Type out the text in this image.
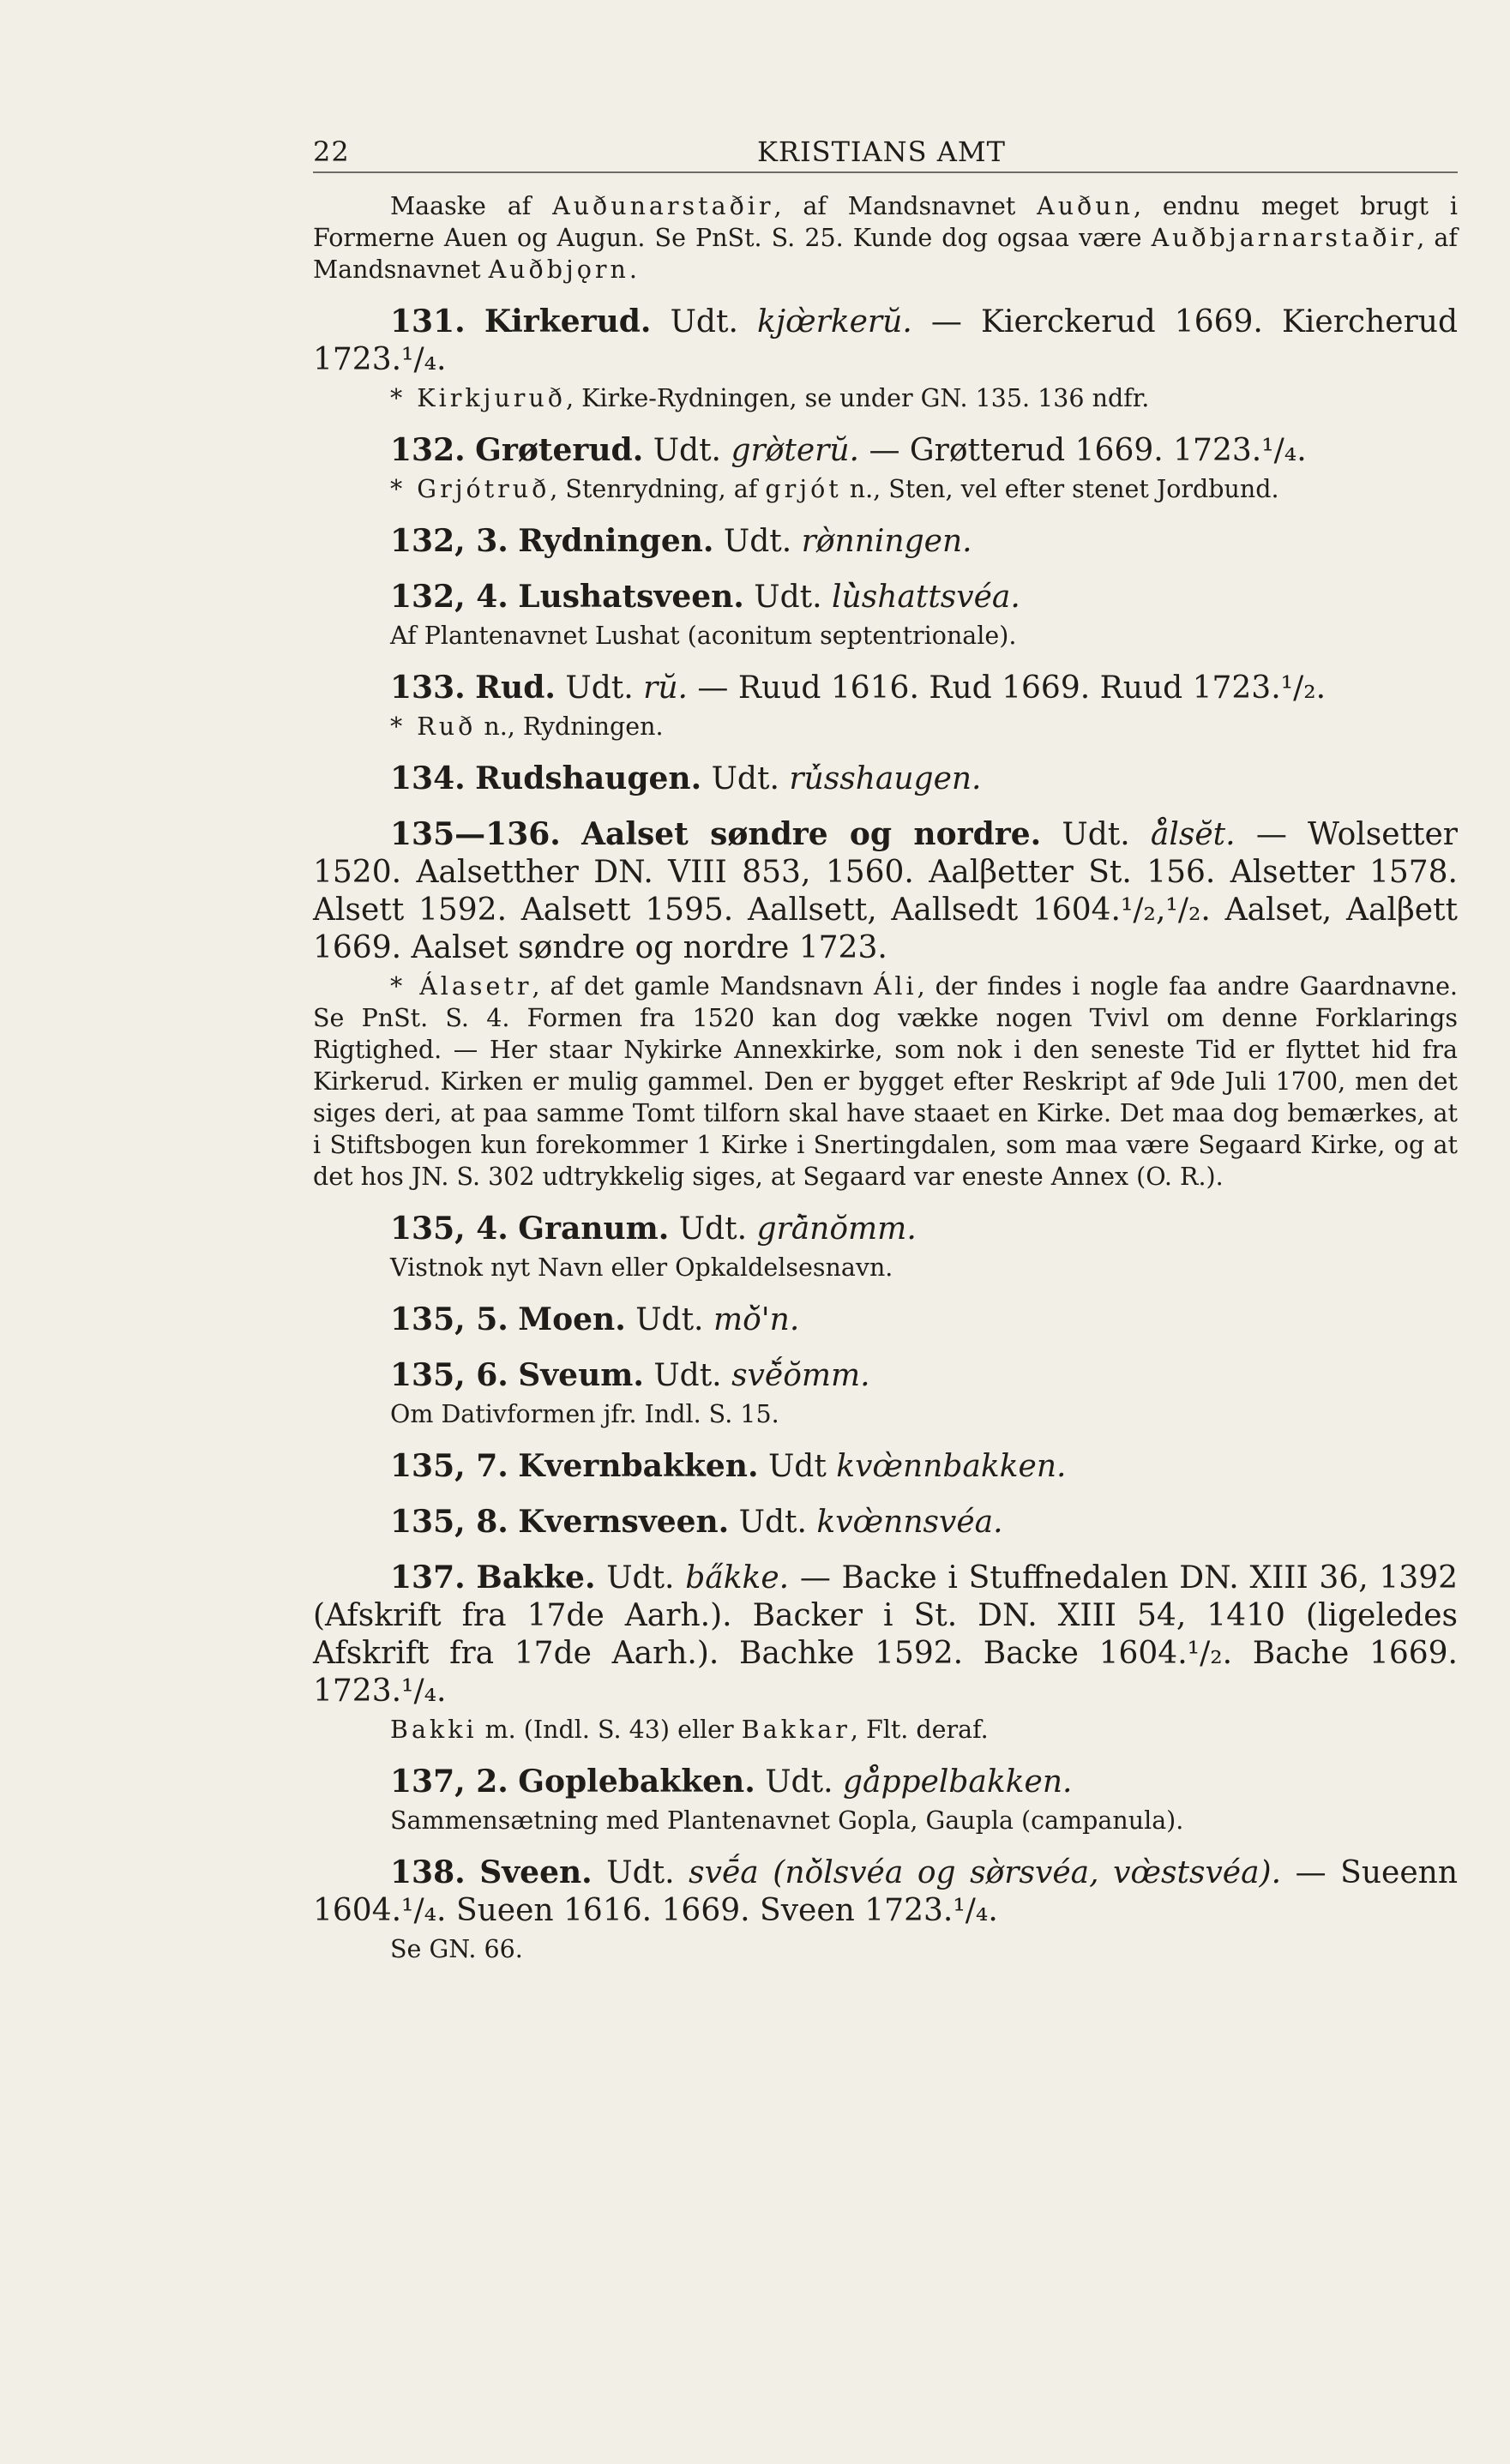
22	KRISTIANS AMT

Maaske af Auðunarstaðir, af Mandsnavnet Auðun, endnu meget brugt i Formerne Auen og Augun. Se PnSt. S. 25. Kunde dog ogsaa være Auðbjarnarstaðir, af Mandsnavnet Auðbjǫrn.

131. Kirkerud. Udt. kjœ̀rkerŭ. — Kierckerud 1669. Kiercherud 1723.¹/₄.

* Kirkjuruð, Kirke-Rydningen, se under GN. 135. 136 ndfr.

132. Grøterud. Udt. grø̀terŭ. — Grøtterud 1669. 1723.¹/₄.

* Grjótruð, Stenrydning, af grjót n., Sten, vel efter stenet Jordbund.

132, 3. Rydningen. Udt. rø̀nningen.

132, 4. Lushatsveen. Udt. lù̀shattsvéa.

Af Plantenavnet Lushat (aconitum septentrionale).

133. Rud. Udt. rŭ. — Ruud 1616. Rud 1669. Ruud 1723.¹/₂.

* Ruð n., Rydningen.

134. Rudshaugen. Udt. rú̀sshaugen.

135—136. Aalset søndre og nordre. Udt. å̀lsĕt. — Wolsetter 1520. Aalsetther DN. VIII 853, 1560. Aalβetter St. 156. Alsetter 1578. Alsett 1592. Aalsett 1595. Aallsett, Aallsedt 1604.¹/₂,¹/₂. Aalset, Aalβett 1669. Aalset søndre og nordre 1723.

* Álasetr, af det gamle Mandsnavn Áli, der findes i nogle faa andre Gaardnavne. Se PnSt. S. 4. Formen fra 1520 kan dog vække nogen Tvivl om denne Forklarings Rigtighed. — Her staar Nykirke Annexkirke, som nok i den seneste Tid er flyttet hid fra Kirkerud. Kirken er mulig gammel. Den er bygget efter Reskript af 9de Juli 1700, men det siges deri, at paa samme Tomt tilforn skal have staaet en Kirke. Det maa dog bemærkes, at i Stiftsbogen kun forekommer 1 Kirke i Snertingdalen, som maa være Segaard Kirke, og at det hos JN. S. 302 udtrykkelig siges, at Segaard var eneste Annex (O. R.).

135, 4. Granum. Udt. grā̀nŏmm.

Vistnok nyt Navn eller Opkaldelsesnavn.

135, 5. Moen. Udt. mŏ̀'n.

135, 6. Sveum. Udt. svḗ̀ŏmm.

Om Dativformen jfr. Indl. S. 15.

135, 7. Kvernbakken. Udt kvœ̀nnbakken.

135, 8. Kvernsveen. Udt. kvœ̀nnsvéa.

137. Bakke. Udt. ba̋kke. — Backe i Stuffnedalen DN. XIII 36, 1392 (Afskrift fra 17de Aarh.). Backer i St. DN. XIII 54, 1410 (ligeledes Afskrift fra 17de Aarh.). Bachke 1592. Backe 1604.¹/₂. Bache 1669. 1723.¹/₄.

Bakki m. (Indl. S. 43) eller Bakkar, Flt. deraf.

137, 2. Goplebakken. Udt. gå̀ppelbakken.

Sammensætning med Plantenavnet Gopla, Gaupla (campanula).

138. Sveen. Udt. svḗa (nŏ̀lsvéa og sø̀rsvéa, vœ̀stsvéa). — Sueenn 1604.¹/₄. Sueen 1616. 1669. Sveen 1723.¹/₄.

Se GN. 66.
